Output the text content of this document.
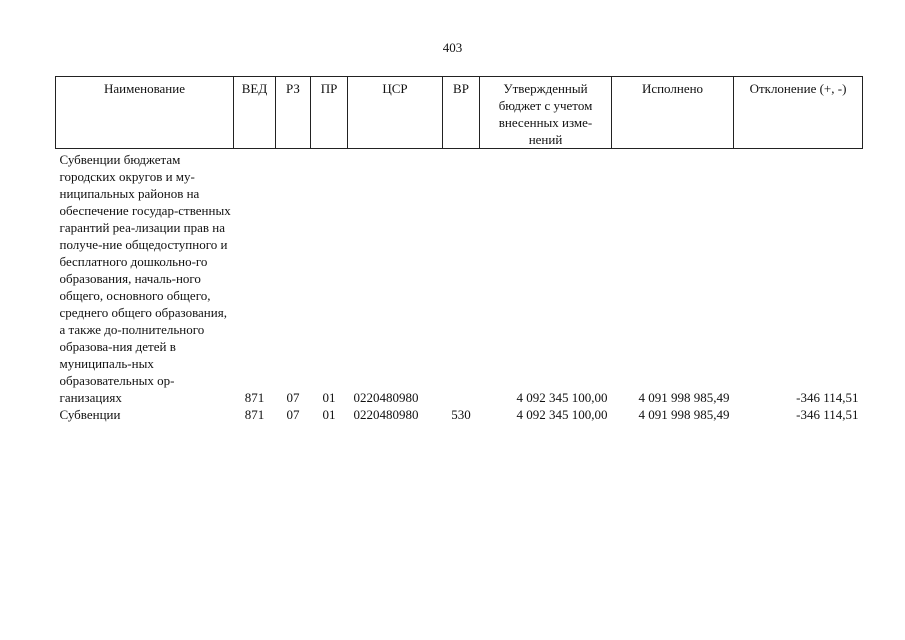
403
Наименование	ВЕД	РЗ	ПР	ЦСР	ВР	Утвержденный бюджет с учетом внесенных изме-нений	Исполнено	Отклонение (+, -)
Субвенции бюджетам городских округов и му-ниципальных районов на обеспечение государ-ственных гарантий реа-лизации прав на получе-ние общедоступного и бесплатного дошкольно-го образования, началь-ного общего, основного общего, среднего общего образования, а также до-полнительного образова-ния детей в муниципаль-ных образовательных ор-ганизациях	871	07	01	0220480980		4 092 345 100,00	4 091 998 985,49	-346 114,51
Субвенции	871	07	01	0220480980	530	4 092 345 100,00	4 091 998 985,49	-346 114,51
